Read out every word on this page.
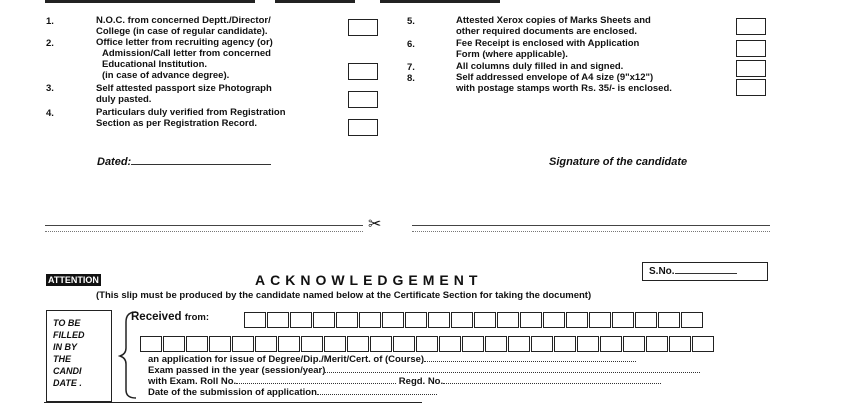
1.	N.O.C. from concerned Deptt./Director/
College (in case of regular candidate).
2.	Office letter from recruiting agency (or)
Admission/Call letter from concerned
Educational Institution.
(in case of advance degree).
3.	Self attested passport size Photograph
duly pasted.
4.	Particulars duly verified from Registration
Section as per Registration Record.
5.	Attested Xerox copies of Marks Sheets and
other required documents are enclosed.
6.	Fee Receipt is enclosed with Application
Form (where applicable).
7.	All columns duly filled in and signed.
8.	Self addressed envelope of A4 size (9"x12")
with postage stamps worth Rs. 35/- is enclosed.
Dated:	Signature of the candidate
✂
ATTENTION	ACKNOWLEDGEMENT
S.No.
(This slip must be produced by the candidate named below at the Certificate Section for taking the document)
TO BE
FILLED
IN BY
THE
CANDI
DATE .
Received from:
an application for issue of Degree/Dip./Merit/Cert. of (Course)
Exam passed in the year (session/year)
with Exam. Roll No.	Regd. No.
Date of the submission of application
